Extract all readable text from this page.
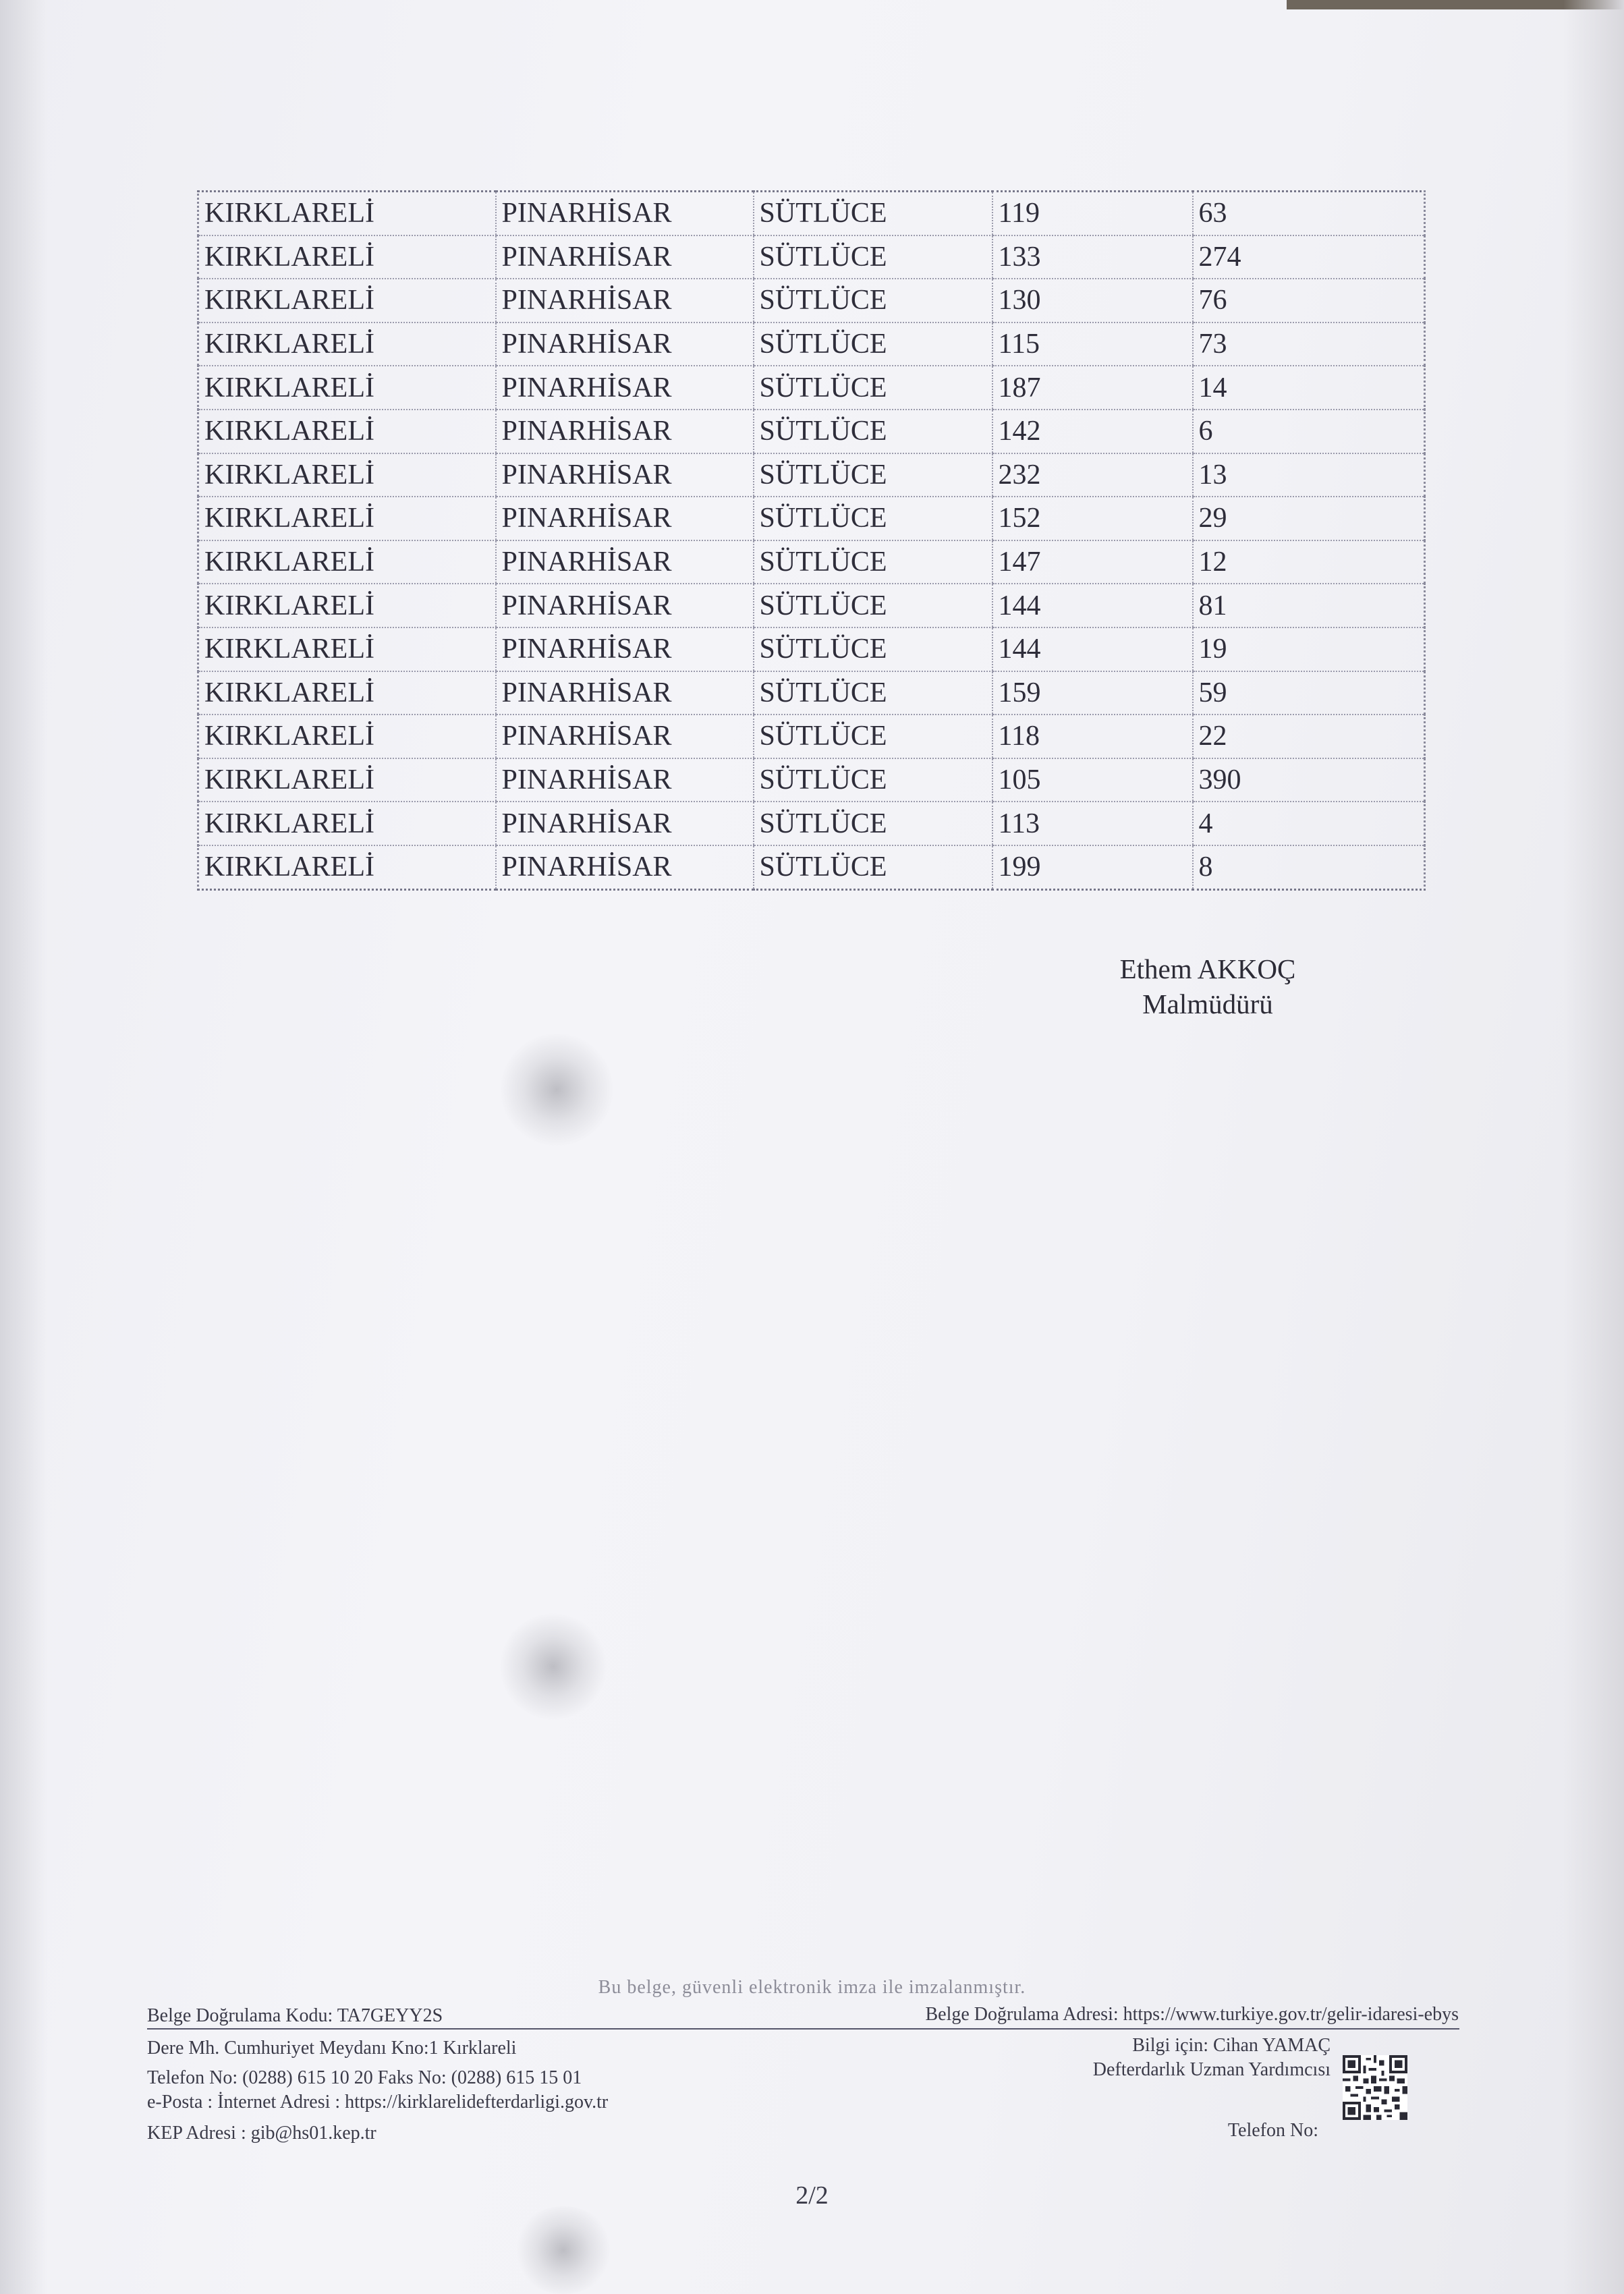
KIRKLARELİ	PINARHİSAR	SÜTLÜCE	119	63
KIRKLARELİ	PINARHİSAR	SÜTLÜCE	133	274
KIRKLARELİ	PINARHİSAR	SÜTLÜCE	130	76
KIRKLARELİ	PINARHİSAR	SÜTLÜCE	115	73
KIRKLARELİ	PINARHİSAR	SÜTLÜCE	187	14
KIRKLARELİ	PINARHİSAR	SÜTLÜCE	142	6
KIRKLARELİ	PINARHİSAR	SÜTLÜCE	232	13
KIRKLARELİ	PINARHİSAR	SÜTLÜCE	152	29
KIRKLARELİ	PINARHİSAR	SÜTLÜCE	147	12
KIRKLARELİ	PINARHİSAR	SÜTLÜCE	144	81
KIRKLARELİ	PINARHİSAR	SÜTLÜCE	144	19
KIRKLARELİ	PINARHİSAR	SÜTLÜCE	159	59
KIRKLARELİ	PINARHİSAR	SÜTLÜCE	118	22
KIRKLARELİ	PINARHİSAR	SÜTLÜCE	105	390
KIRKLARELİ	PINARHİSAR	SÜTLÜCE	113	4
KIRKLARELİ	PINARHİSAR	SÜTLÜCE	199	8
Ethem AKKOÇ
Malmüdürü
Bu belge, güvenli elektronik imza ile imzalanmıştır.
Belge Doğrulama Kodu: TA7GEYY2S	Belge Doğrulama Adresi: https://www.turkiye.gov.tr/gelir-idaresi-ebys
Dere Mh. Cumhuriyet Meydanı Kno:1 Kırklareli
Telefon No: (0288) 615 10 20 Faks No: (0288) 615 15 01
e-Posta : İnternet Adresi : https://kirklarelidefterdarligi.gov.tr
KEP Adresi : gib@hs01.kep.tr
Bilgi için: Cihan YAMAÇ
Defterdarlık Uzman Yardımcısı
Telefon No:
2/2
